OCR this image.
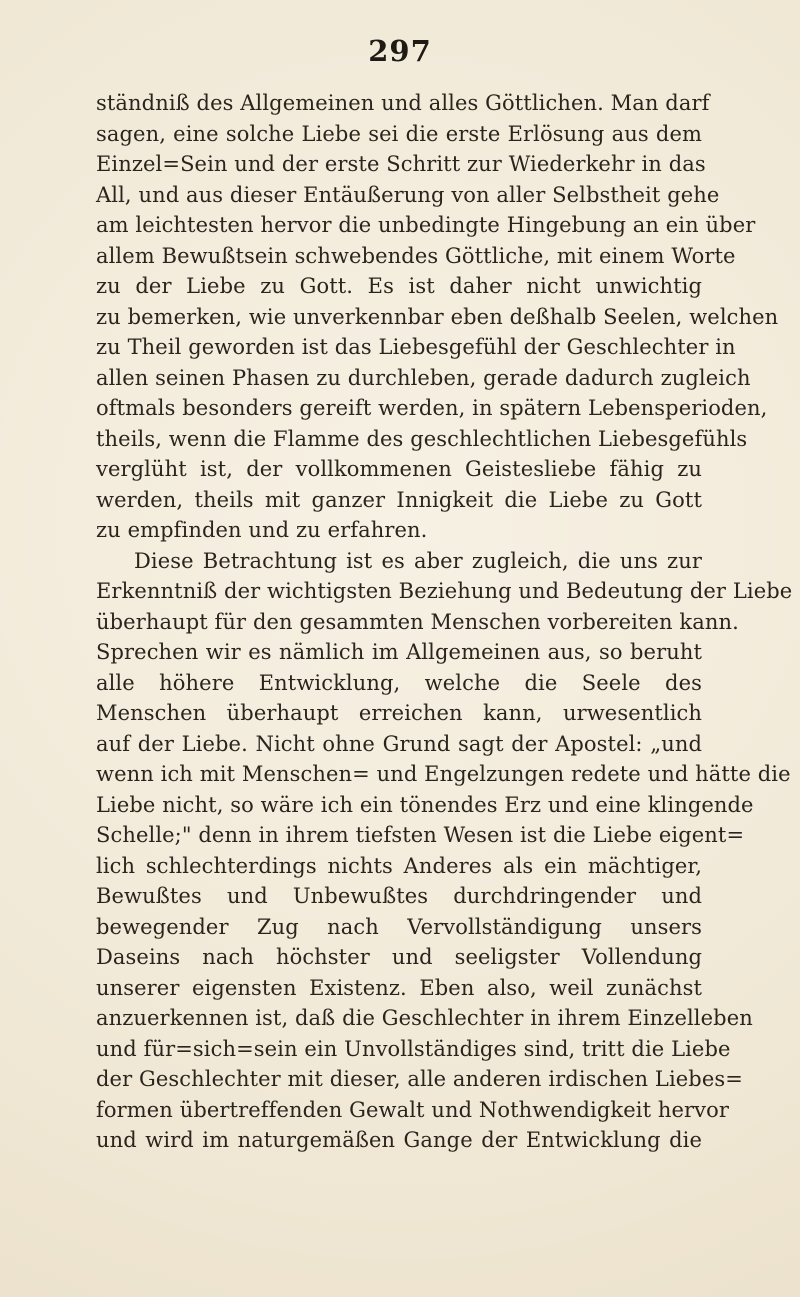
297
ständniß des Allgemeinen und alles Göttlichen. Man darf
sagen, eine solche Liebe sei die erste Erlösung aus dem
Einzel=Sein und der erste Schritt zur Wiederkehr in das
All, und aus dieser Entäußerung von aller Selbstheit gehe
am leichtesten hervor die unbedingte Hingebung an ein über
allem Bewußtsein schwebendes Göttliche, mit einem Worte
zu der Liebe zu Gott. Es ist daher nicht unwichtig
zu bemerken, wie unverkennbar eben deßhalb Seelen, welchen
zu Theil geworden ist das Liebesgefühl der Geschlechter in
allen seinen Phasen zu durchleben, gerade dadurch zugleich
oftmals besonders gereift werden, in spätern Lebensperioden,
theils, wenn die Flamme des geschlechtlichen Liebesgefühls
verglüht ist, der vollkommenen Geistesliebe fähig zu
werden, theils mit ganzer Innigkeit die Liebe zu Gott
zu empfinden und zu erfahren.
Diese Betrachtung ist es aber zugleich, die uns zur
Erkenntniß der wichtigsten Beziehung und Bedeutung der Liebe
überhaupt für den gesammten Menschen vorbereiten kann.
Sprechen wir es nämlich im Allgemeinen aus, so beruht
alle höhere Entwicklung, welche die Seele des
Menschen überhaupt erreichen kann, urwesentlich
auf der Liebe. Nicht ohne Grund sagt der Apostel: „und
wenn ich mit Menschen= und Engelzungen redete und hätte die
Liebe nicht, so wäre ich ein tönendes Erz und eine klingende
Schelle;" denn in ihrem tiefsten Wesen ist die Liebe eigent=
lich schlechterdings nichts Anderes als ein mächtiger,
Bewußtes und Unbewußtes durchdringender und
bewegender Zug nach Vervollständigung unsers
Daseins nach höchster und seeligster Vollendung
unserer eigensten Existenz. Eben also, weil zunächst
anzuerkennen ist, daß die Geschlechter in ihrem Einzelleben
und für=sich=sein ein Unvollständiges sind, tritt die Liebe
der Geschlechter mit dieser, alle anderen irdischen Liebes=
formen übertreffenden Gewalt und Nothwendigkeit hervor
und wird im naturgemäßen Gange der Entwicklung die
